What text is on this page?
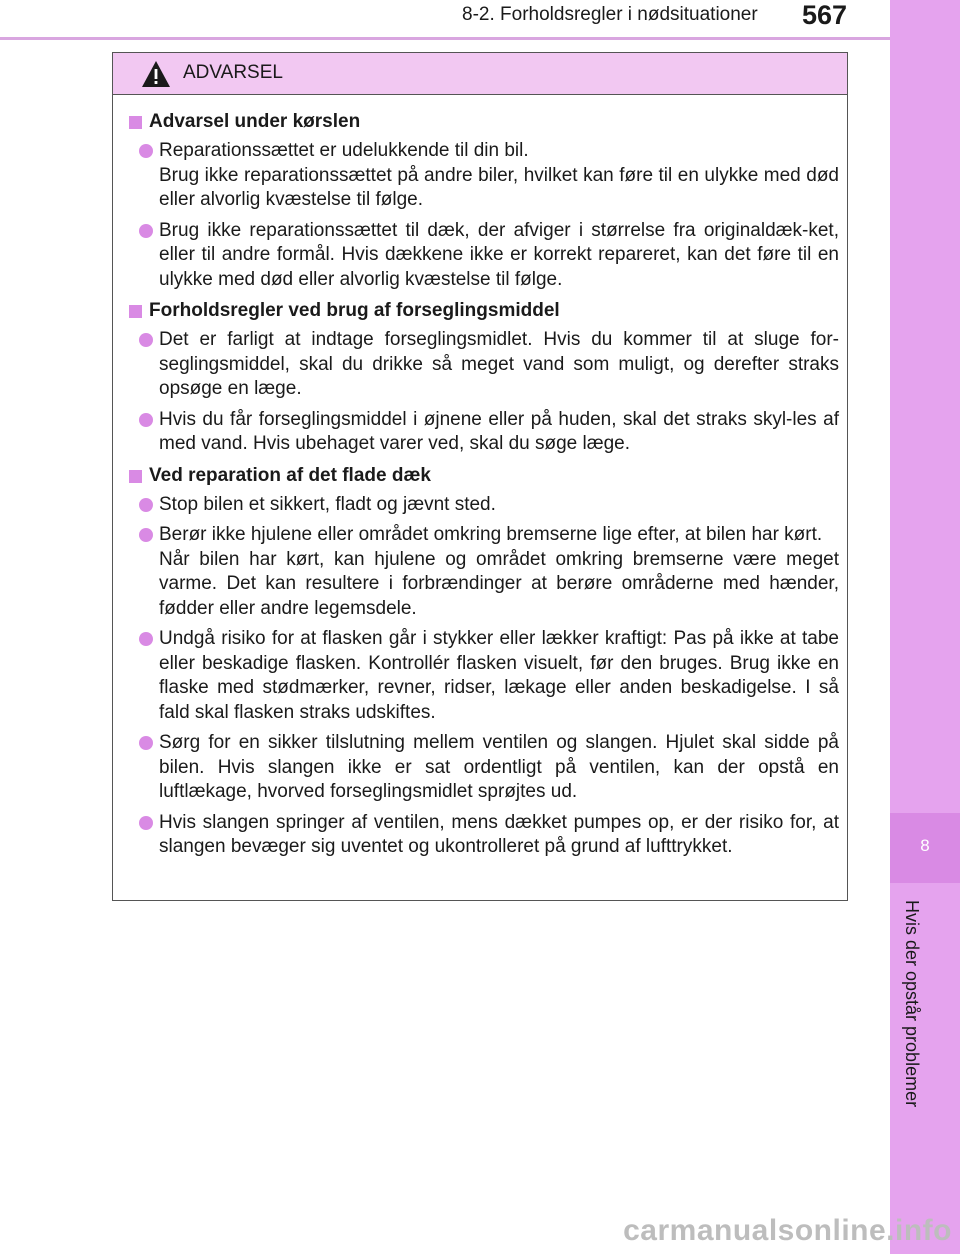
8-2. Forholdsregler i nødsituationer 567
8
Hvis der opstår problemer
ADVARSEL
Advarsel under kørslen
Reparationssættet er udelukkende til din bil.
Brug ikke reparationssættet på andre biler, hvilket kan føre til en ulykke med død eller alvorlig kvæstelse til følge.
Brug ikke reparationssættet til dæk, der afviger i størrelse fra originaldæk-ket, eller til andre formål. Hvis dækkene ikke er korrekt repareret, kan det føre til en ulykke med død eller alvorlig kvæstelse til følge.
Forholdsregler ved brug af forseglingsmiddel
Det er farligt at indtage forseglingsmidlet. Hvis du kommer til at sluge for-seglingsmiddel, skal du drikke så meget vand som muligt, og derefter straks opsøge en læge.
Hvis du får forseglingsmiddel i øjnene eller på huden, skal det straks skyl-les af med vand. Hvis ubehaget varer ved, skal du søge læge.
Ved reparation af det flade dæk
Stop bilen et sikkert, fladt og jævnt sted.
Berør ikke hjulene eller området omkring bremserne lige efter, at bilen har kørt.
Når bilen har kørt, kan hjulene og området omkring bremserne være meget varme. Det kan resultere i forbrændinger at berøre områderne med hænder, fødder eller andre legemsdele.
Undgå risiko for at flasken går i stykker eller lækker kraftigt: Pas på ikke at tabe eller beskadige flasken. Kontrollér flasken visuelt, før den bruges. Brug ikke en flaske med stødmærker, revner, ridser, lækage eller anden beskadigelse. I så fald skal flasken straks udskiftes.
Sørg for en sikker tilslutning mellem ventilen og slangen. Hjulet skal sidde på bilen. Hvis slangen ikke er sat ordentligt på ventilen, kan der opstå en luftlækage, hvorved forseglingsmidlet sprøjtes ud.
Hvis slangen springer af ventilen, mens dækket pumpes op, er der risiko for, at slangen bevæger sig uventet og ukontrolleret på grund af lufttrykket.
carmanualsonline.info
